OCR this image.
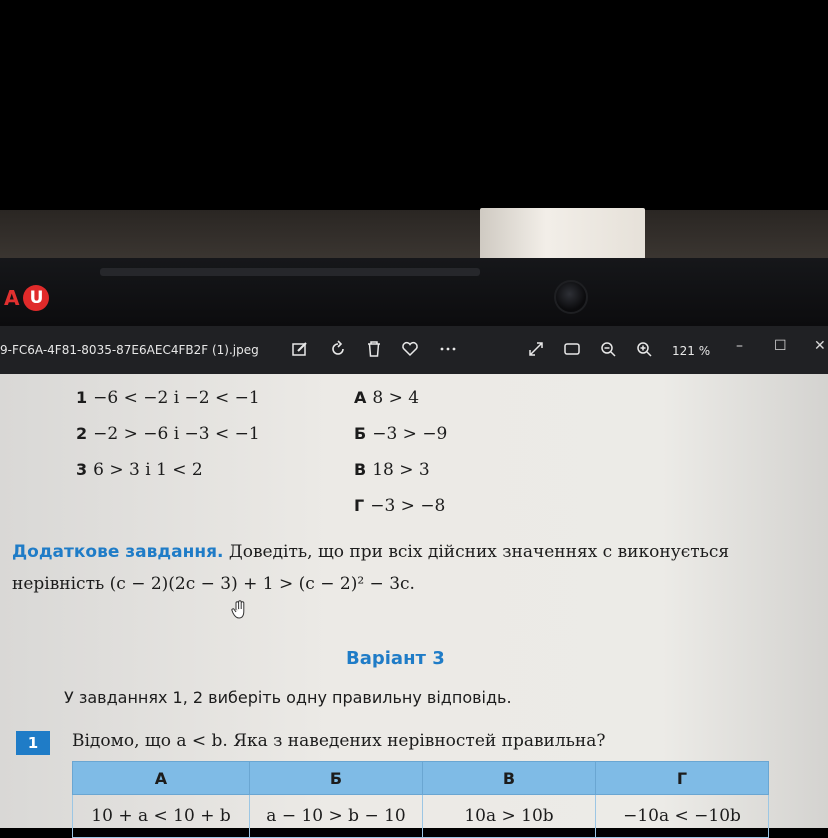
A U
9-FC6A-4F81-8035-87E6AEC4FB2F (1).jpeg	121 % – ☐ ✕
1 −6 < −2 і −2 < −1
2 −2 > −6 і −3 < −1
3 6 > 3 і 1 < 2
А 8 > 4
Б −3 > −9
В 18 > 3
Г −3 > −8
Додаткове завдання. Доведіть, що при всіх дійсних значеннях c виконується нерівність (c − 2)(2c − 3) + 1 > (c − 2)² − 3c.
Варіант 3
У завданнях 1, 2 виберіть одну правильну відповідь.
1	Відомо, що a < b. Яка з наведених нерівностей правильна?
А	Б	В	Г
10 + a < 10 + b	a − 10 > b − 10	10a > 10b	−10a < −10b
